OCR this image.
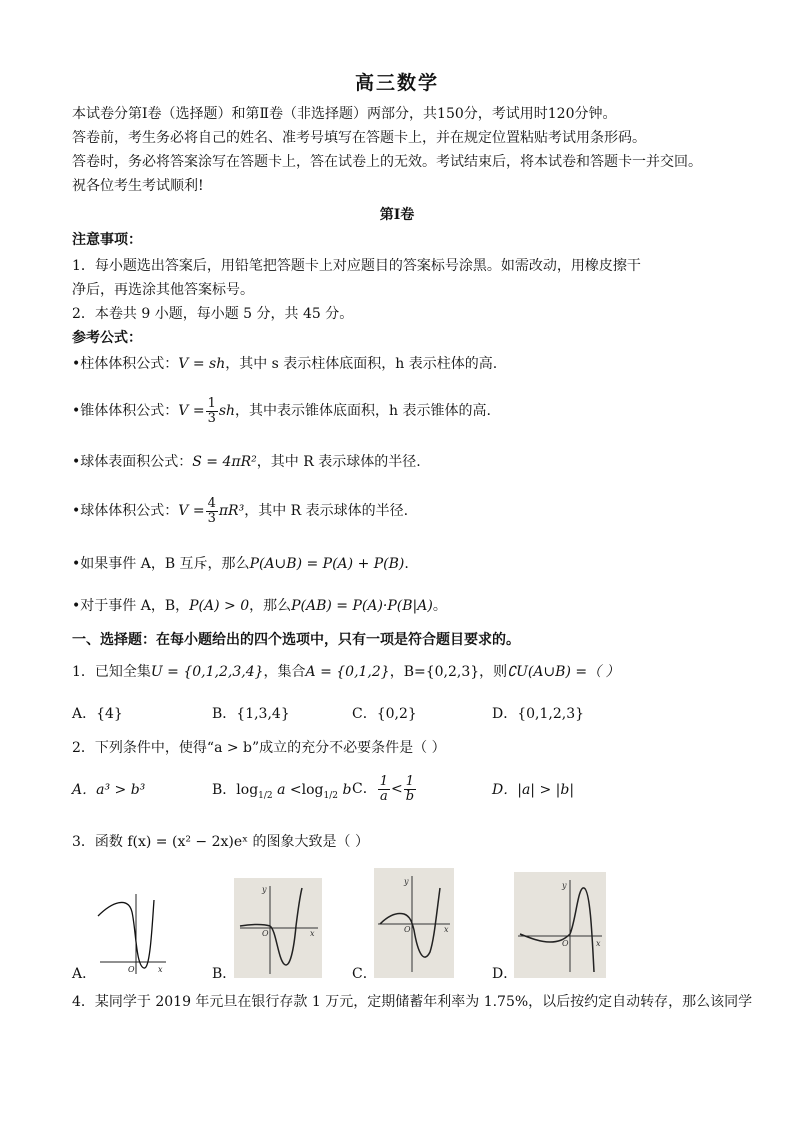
高三数学
本试卷分第Ⅰ卷（选择题）和第Ⅱ卷（非选择题）两部分，共150分，考试用时120分钟。
答卷前，考生务必将自己的姓名、准考号填写在答题卡上，并在规定位置粘贴考试用条形码。
答卷时，务必将答案涂写在答题卡上，答在试卷上的无效。考试结束后，将本试卷和答题卡一并交回。
祝各位考生考试顺利!
第Ⅰ卷
注意事项：
1．每小题选出答案后，用铅笔把答题卡上对应题目的答案标号涂黑。如需改动，用橡皮擦干
净后，再选涂其他答案标号。
2．本卷共 9 小题，每小题 5 分，共 45 分。
参考公式：
•柱体体积公式：V = sh，其中 s 表示柱体底面积，h 表示柱体的高.
•锥体体积公式：$V = \frac{1}{3}$ sh，其中表示锥体底面积，h 表示锥体的高.
•球体表面积公式：S = 4πR²，其中 R 表示球体的半径.
•球体体积公式：$V = \frac{4}{3} \pi R^3$，其中 R 表示球体的半径.
•如果事件 A，B 互斥，那么P(A∪B) = P(A) + P(B).
•对于事件 A，B，P(A) > 0，那么P(AB) = P(A)·P(B|A)。
一、选择题：在每小题给出的四个选项中，只有一项是符合题目要求的。
1．已知全集U = {0,1,2,3,4}，集合A = {0,1,2}，B={0,2,3}，则∁U(A∪B) =（ ）
A．{4}	B．{1,3,4}	C．{0,2}	D．{0,1,2,3}
2．下列条件中，使得“a > b”成立的充分不必要条件是（ ）
A．a³ > b³	B．$\log_{1/2} a <\log_{1/2}$ b C． $\frac{1}{a} < \frac{1}{b}$	D．|a| > |b|
3．函数 f(x) = (x² − 2x)eˣ 的图象大致是（ ）
O	x
A．
y
O	x
B．
y
O	x
C．
y
O	x
D．
4．某同学于 2019 年元旦在银行存款 1 万元，定期储蓄年利率为 1.75%，以后按约定自动转存，那么该同学
